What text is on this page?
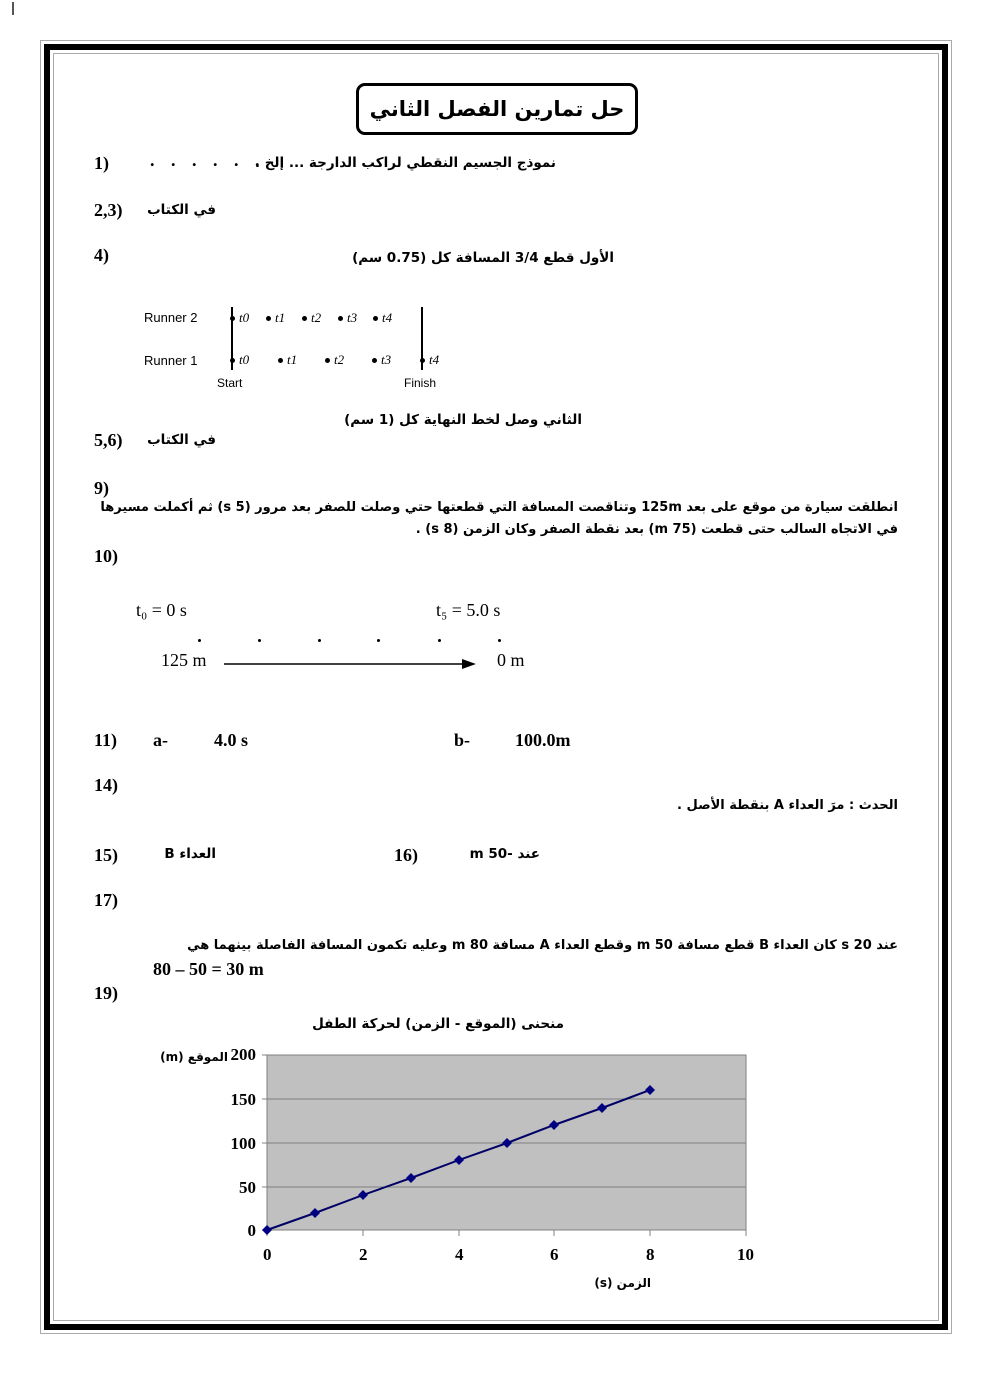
حل تمارين الفصل الثاني
1) . . . . . .
نموذج الجسيم النقطي لراكب الدارجة ... إلخ .
2,3) في الكتاب
4)	الأول قطع 3/4 المسافة كل (0.75 سم)
Runner 2
Runner 1
t0 t1 t2 t3 t4
t0	t1	t2	t3	t4
Start	Finish
الثاني وصل لخط النهاية كل (1 سم)
5,6) في الكتاب
9)
انطلقت سيارة من موقع على بعد 125m وتناقصت المسافة التي قطعتها حتي وصلت للصفر بعد مرور (5 s) ثم أكملت مسيرها
في الاتجاه السالب حتى قطعت (75 m) بعد نقطة الصفر وكان الزمن (8 s) .
10)
t₀ = 0 s	t₅ = 5.0 s
125 m	0 m
11) a-	4.0 s	b- 100.0m
14)
الحدث : مرَ العداء A بنقطة الأصل .
15)	العداء B	16)	عند -50 m
17)
عند 20 s كان العداء B قطع مسافة 50 m وقطع العداء A مسافة 80 m وعليه تكمون المسافة الفاصلة بينهما هي
80 – 50 = 30 m
19)
منحنى (الموقع - الزمن) لحركة الطفل
الموقع (m) 200
150
100
50
0
0	2	4	6	8	10
الزمن (s)
